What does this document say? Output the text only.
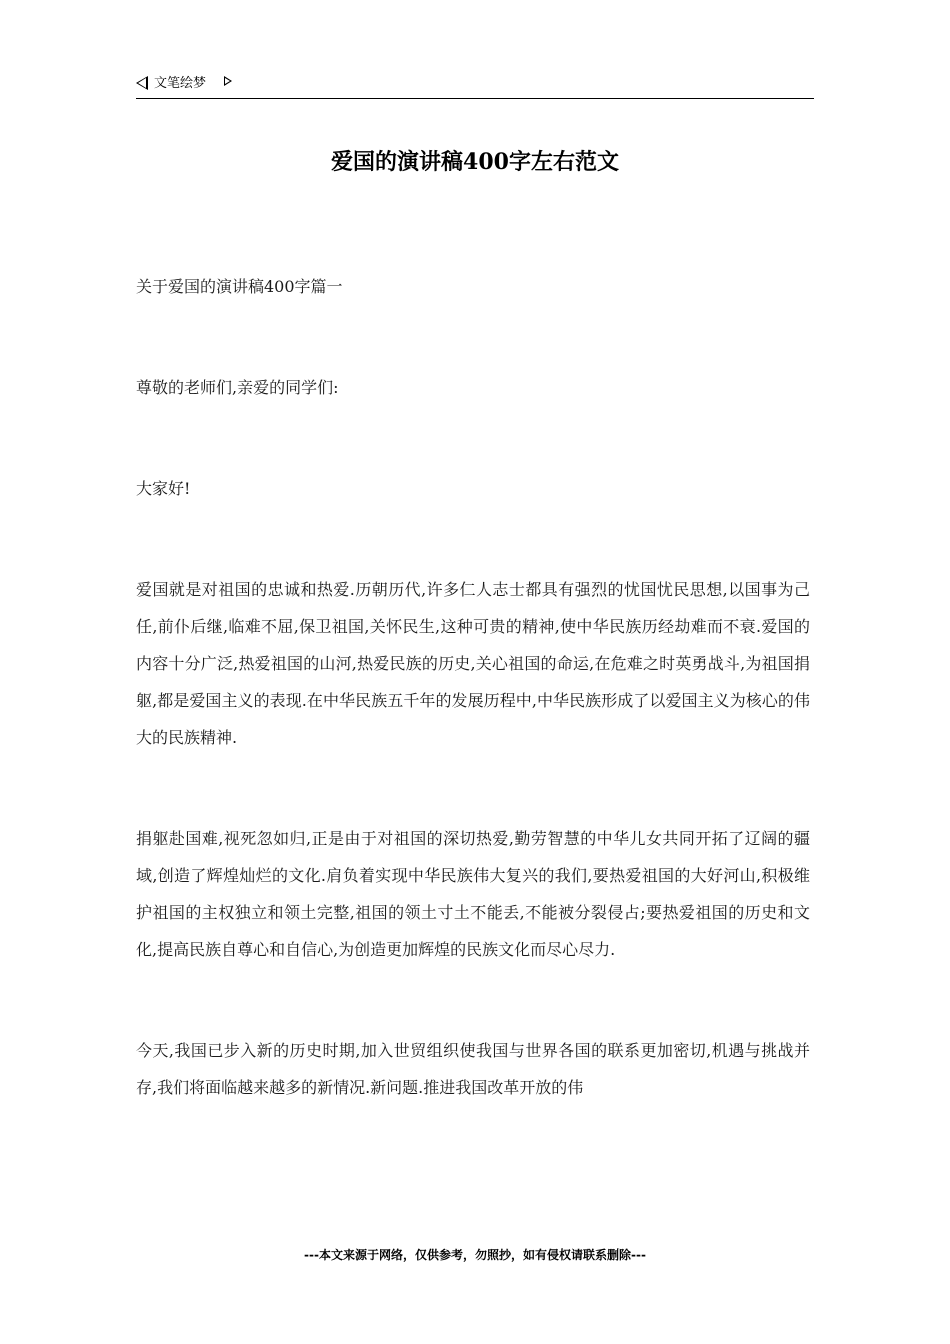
文笔绘梦
爱国的演讲稿400字左右范文

关于爱国的演讲稿400字篇一

尊敬的老师们,亲爱的同学们:

大家好!

爱国就是对祖国的忠诚和热爱.历朝历代,许多仁人志士都具有强烈的忧国忧民思想,以国事为己任,前仆后继,临难不屈,保卫祖国,关怀民生,这种可贵的精神,使中华民族历经劫难而不衰.爱国的内容十分广泛,热爱祖国的山河,热爱民族的历史,关心祖国的命运,在危难之时英勇战斗,为祖国捐躯,都是爱国主义的表现.在中华民族五千年的发展历程中,中华民族形成了以爱国主义为核心的伟大的民族精神.

捐躯赴国难,视死忽如归,正是由于对祖国的深切热爱,勤劳智慧的中华儿女共同开拓了辽阔的疆域,创造了辉煌灿烂的文化.肩负着实现中华民族伟大复兴的我们,要热爱祖国的大好河山,积极维护祖国的主权独立和领土完整,祖国的领土寸土不能丢,不能被分裂侵占;要热爱祖国的历史和文化,提高民族自尊心和自信心,为创造更加辉煌的民族文化而尽心尽力.

今天,我国已步入新的历史时期,加入世贸组织使我国与世界各国的联系更加密切,机遇与挑战并存,我们将面临越来越多的新情况.新问题.推进我国改革开放的伟

---本文来源于网络，仅供参考，勿照抄，如有侵权请联系删除---
